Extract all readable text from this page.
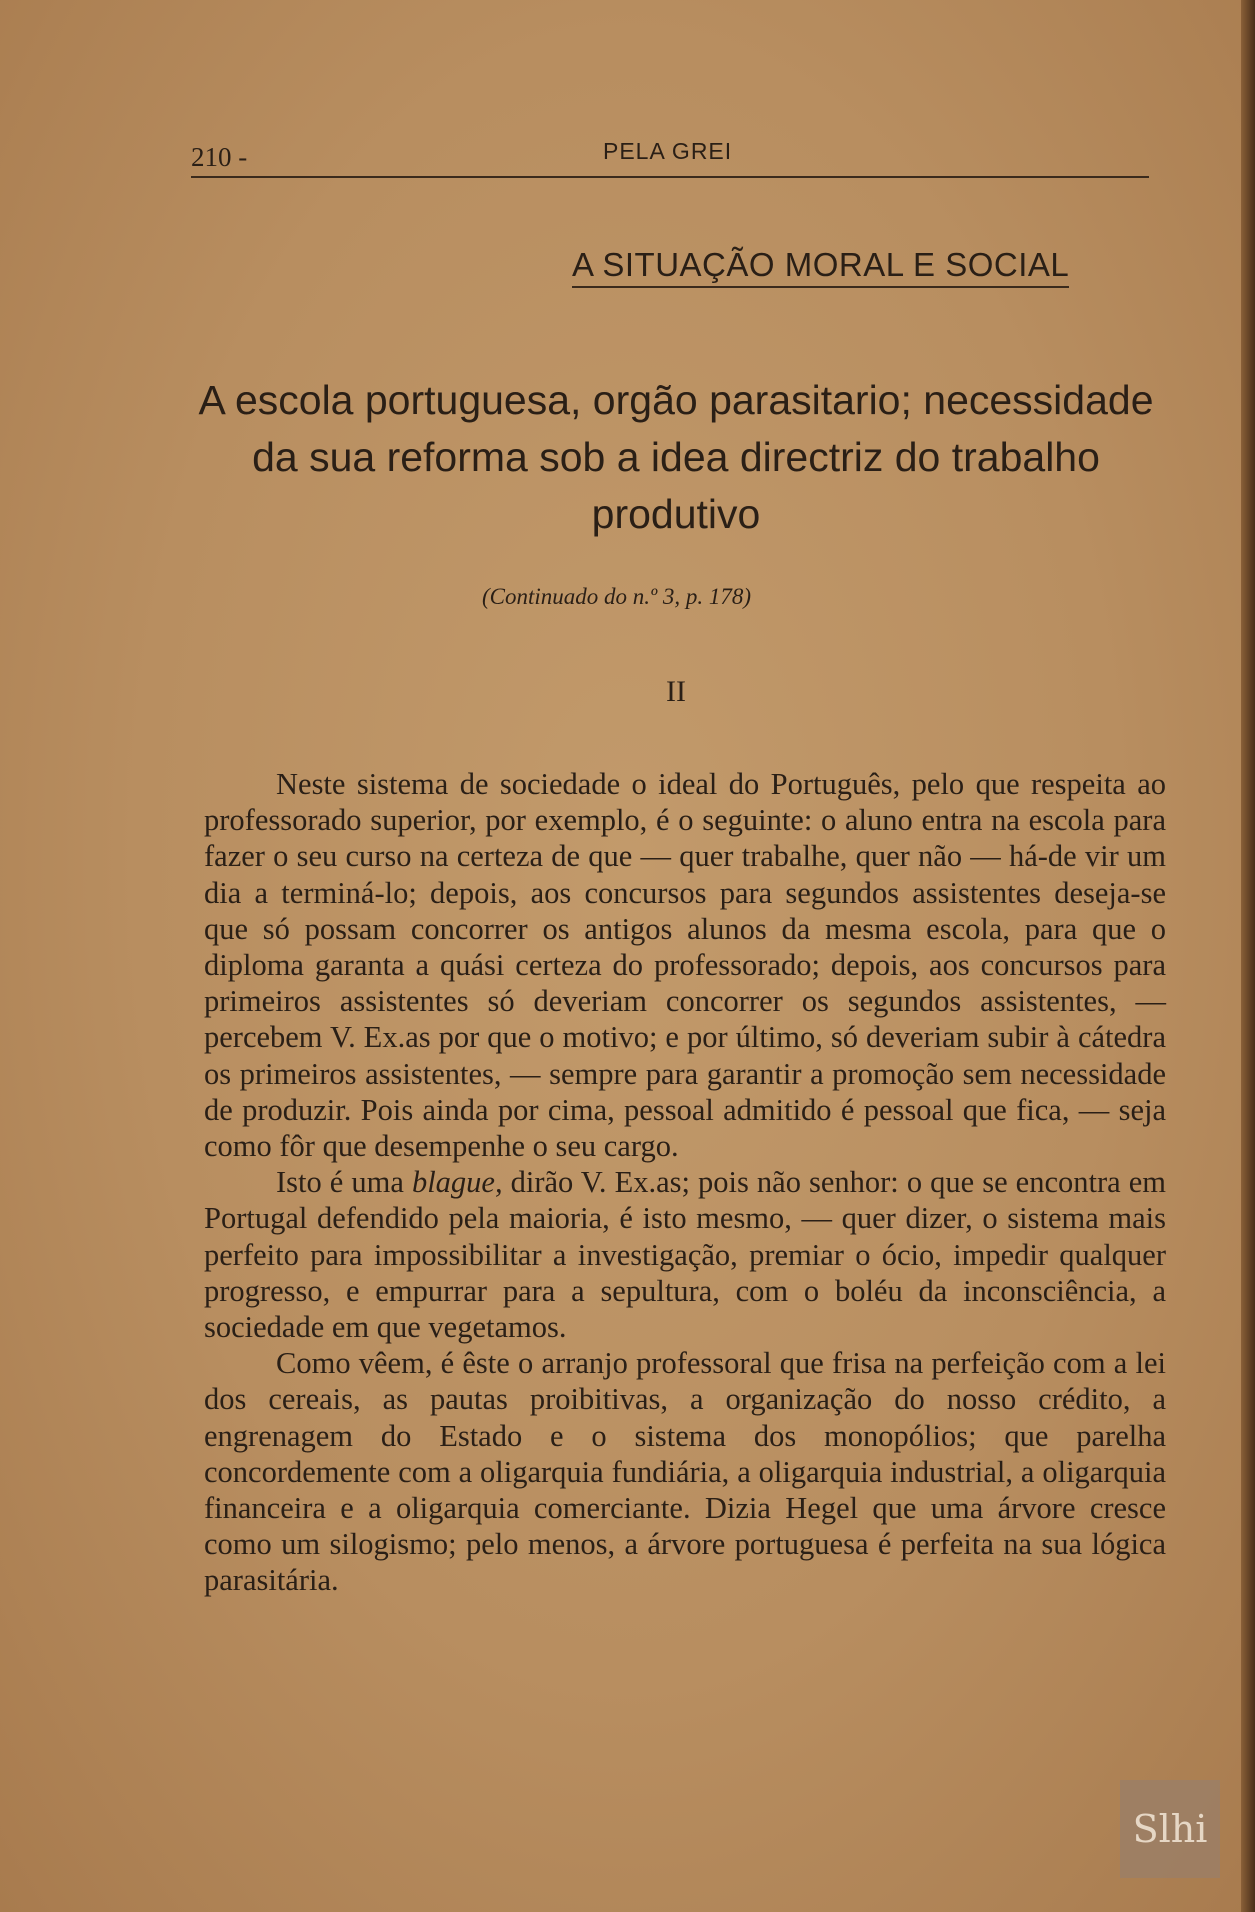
210 -	PELA GREI
A SITUAÇÃO MORAL E SOCIAL
A escola portuguesa, orgão parasitario; necessidade da sua reforma sob a idea directriz do trabalho produtivo
(Continuado do n.º 3, p. 178)
II

Neste sistema de sociedade o ideal do Português, pelo que respeita ao professorado superior, por exemplo, é o seguinte: o aluno entra na escola para fazer o seu curso na certeza de que — quer trabalhe, quer não — há-de vir um dia a terminá-lo; depois, aos concursos para segundos assistentes deseja-se que só possam concorrer os antigos alunos da mesma escola, para que o diploma garanta a quási certeza do professorado; depois, aos concursos para primeiros assistentes só deveriam concorrer os segundos assistentes, — percebem V. Ex.as por que o motivo; e por último, só deveriam subir à cátedra os primeiros assistentes, — sempre para garantir a promoção sem necessidade de produzir. Pois ainda por cima, pessoal admitido é pessoal que fica, — seja como fôr que desempenhe o seu cargo.

Isto é uma blague, dirão V. Ex.as; pois não senhor: o que se encontra em Portugal defendido pela maioria, é isto mesmo, — quer dizer, o sistema mais perfeito para impossibilitar a investigação, premiar o ócio, impedir qualquer progresso, e empurrar para a sepultura, com o boléu da inconsciência, a sociedade em que vegetamos.

Como vêem, é êste o arranjo professoral que frisa na perfeição com a lei dos cereais, as pautas proibitivas, a organização do nosso crédito, a engrenagem do Estado e o sistema dos monopólios; que parelha concordemente com a oligarquia fundiária, a oligarquia industrial, a oligarquia financeira e a oligarquia comerciante. Dizia Hegel que uma árvore cresce como um silogismo; pelo menos, a árvore portuguesa é perfeita na sua lógica parasitária.

Slhi
